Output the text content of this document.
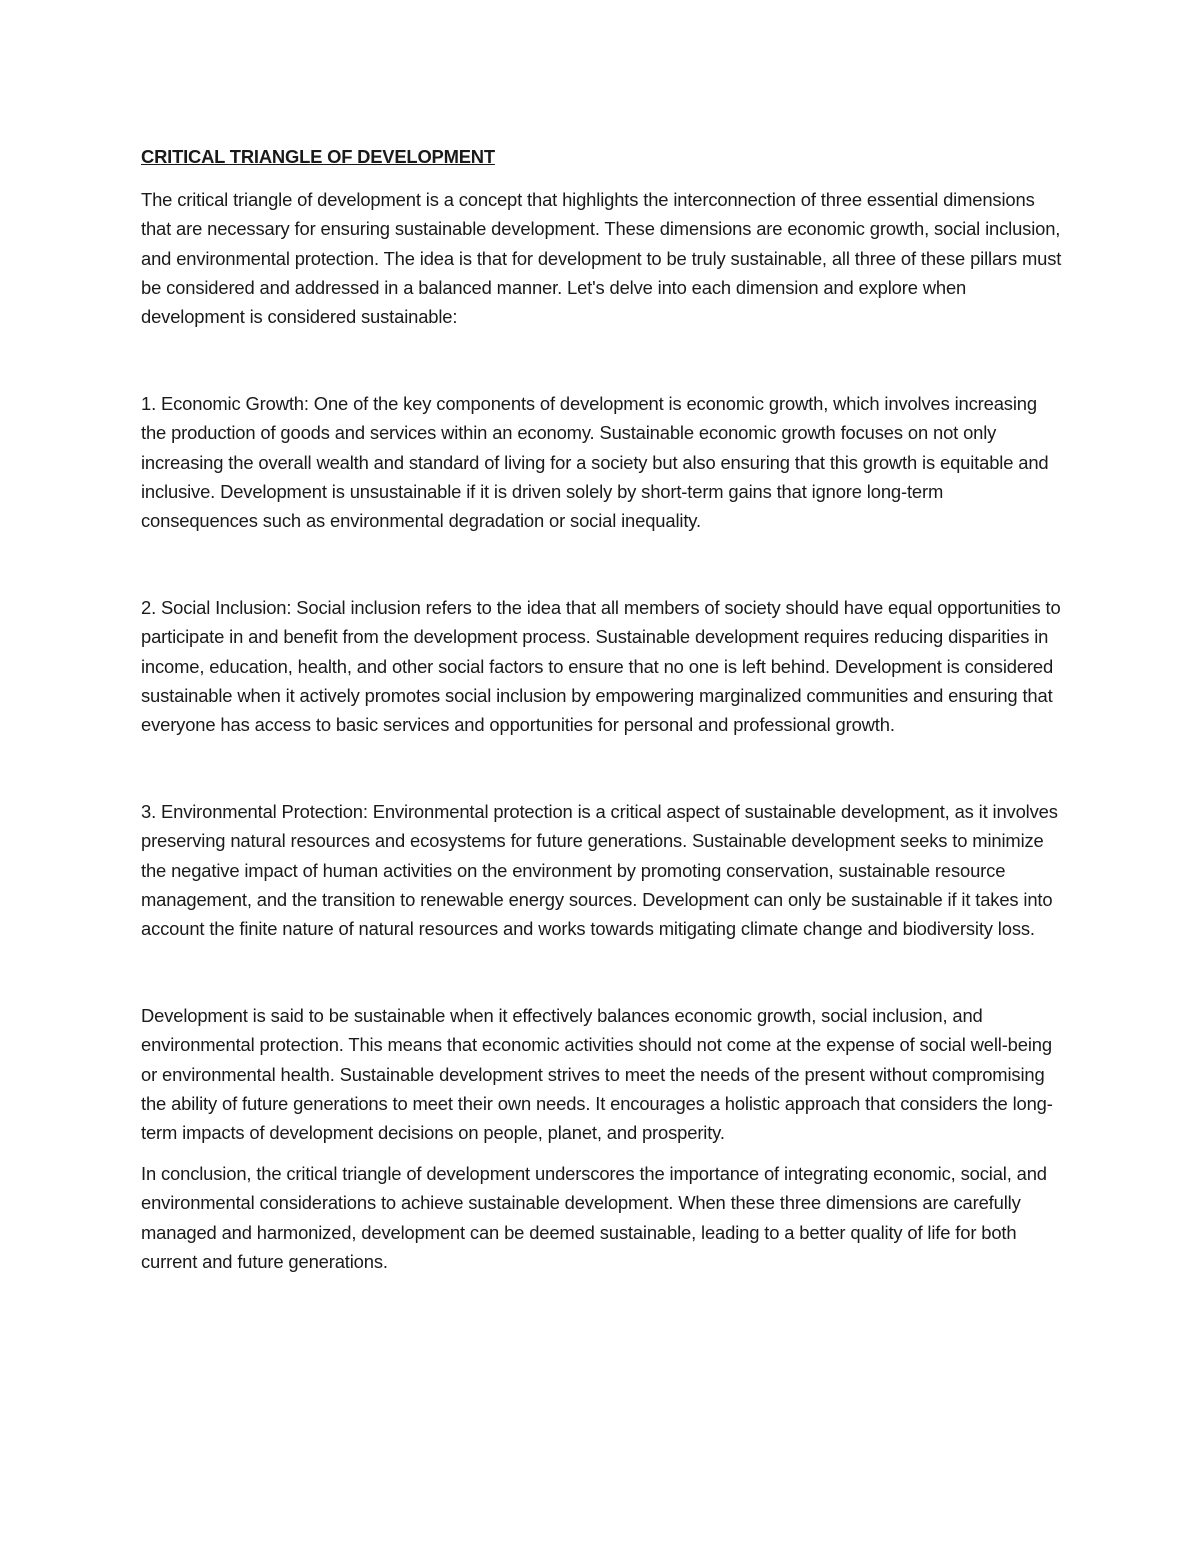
CRITICAL TRIANGLE OF DEVELOPMENT

The critical triangle of development is a concept that highlights the interconnection of three essential dimensions that are necessary for ensuring sustainable development. These dimensions are economic growth, social inclusion, and environmental protection. The idea is that for development to be truly sustainable, all three of these pillars must be considered and addressed in a balanced manner. Let's delve into each dimension and explore when development is considered sustainable:

1. Economic Growth: One of the key components of development is economic growth, which involves increasing the production of goods and services within an economy. Sustainable economic growth focuses on not only increasing the overall wealth and standard of living for a society but also ensuring that this growth is equitable and inclusive. Development is unsustainable if it is driven solely by short-term gains that ignore long-term consequences such as environmental degradation or social inequality.

2. Social Inclusion: Social inclusion refers to the idea that all members of society should have equal opportunities to participate in and benefit from the development process. Sustainable development requires reducing disparities in income, education, health, and other social factors to ensure that no one is left behind. Development is considered sustainable when it actively promotes social inclusion by empowering marginalized communities and ensuring that everyone has access to basic services and opportunities for personal and professional growth.

3. Environmental Protection: Environmental protection is a critical aspect of sustainable development, as it involves preserving natural resources and ecosystems for future generations. Sustainable development seeks to minimize the negative impact of human activities on the environment by promoting conservation, sustainable resource management, and the transition to renewable energy sources. Development can only be sustainable if it takes into account the finite nature of natural resources and works towards mitigating climate change and biodiversity loss.

Development is said to be sustainable when it effectively balances economic growth, social inclusion, and environmental protection. This means that economic activities should not come at the expense of social well-being or environmental health. Sustainable development strives to meet the needs of the present without compromising the ability of future generations to meet their own needs. It encourages a holistic approach that considers the long-term impacts of development decisions on people, planet, and prosperity.

In conclusion, the critical triangle of development underscores the importance of integrating economic, social, and environmental considerations to achieve sustainable development. When these three dimensions are carefully managed and harmonized, development can be deemed sustainable, leading to a better quality of life for both current and future generations.
